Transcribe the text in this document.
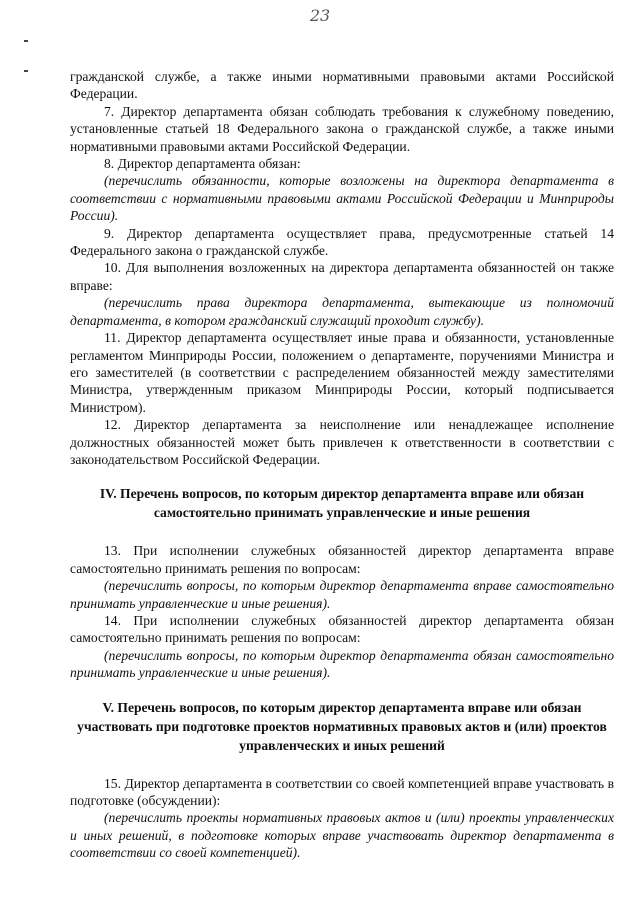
23

гражданской службе, а также иными нормативными правовыми актами Российской Федерации.

7. Директор департамента обязан соблюдать требования к служебному поведению, установленные статьей 18 Федерального закона о гражданской службе, а также иными нормативными правовыми актами Российской Федерации.

8. Директор департамента обязан:

(перечислить обязанности, которые возложены на директора департамента в соответствии с нормативными правовыми актами Российской Федерации и Минприроды России).

9. Директор департамента осуществляет права, предусмотренные статьей 14 Федерального закона о гражданской службе.

10. Для выполнения возложенных на директора департамента обязанностей он также вправе:

(перечислить права директора департамента, вытекающие из полномочий департамента, в котором гражданский служащий проходит службу).

11. Директор департамента осуществляет иные права и обязанности, установленные регламентом Минприроды России, положением о департаменте, поручениями Министра и его заместителей (в соответствии с распределением обязанностей между заместителями Министра, утвержденным приказом Минприроды России, который подписывается Министром).

12. Директор департамента за неисполнение или ненадлежащее исполнение должностных обязанностей может быть привлечен к ответственности в соответствии с законодательством Российской Федерации.

IV. Перечень вопросов, по которым директор департамента вправе или обязан самостоятельно принимать управленческие и иные решения

13. При исполнении служебных обязанностей директор департамента вправе самостоятельно принимать решения по вопросам:

(перечислить вопросы, по которым директор департамента вправе самостоятельно принимать управленческие и иные решения).

14. При исполнении служебных обязанностей директор департамента обязан самостоятельно принимать решения по вопросам:

(перечислить вопросы, по которым директор департамента обязан самостоятельно принимать управленческие и иные решения).

V. Перечень вопросов, по которым директор департамента вправе или обязан участвовать при подготовке проектов нормативных правовых актов и (или) проектов управленческих и иных решений

15. Директор департамента в соответствии со своей компетенцией вправе участвовать в подготовке (обсуждении):

(перечислить проекты нормативных правовых актов и (или) проекты управленческих и иных решений, в подготовке которых вправе участвовать директор департамента в соответствии со своей компетенцией).
